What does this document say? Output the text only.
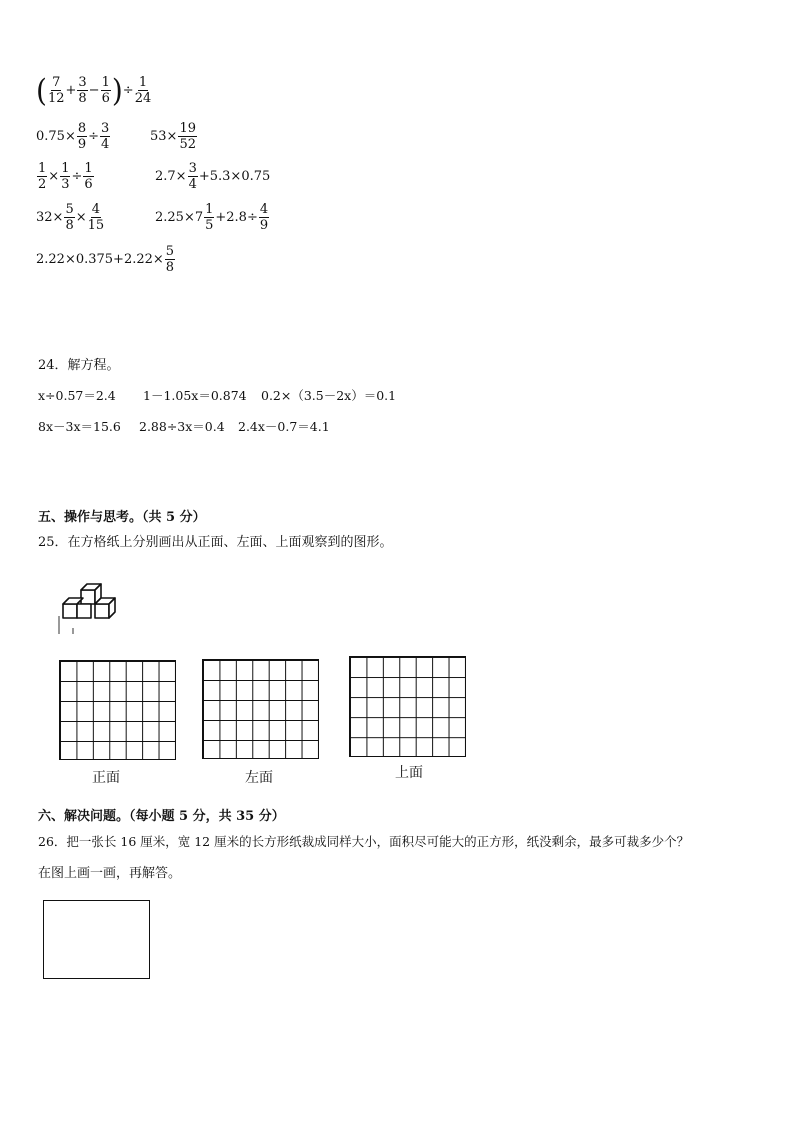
( $\frac{7}{12} + \frac{3}{8} - \frac{1}{6}$ )÷ $\frac{1}{24}$
$0.75\times \frac{8}{9} \div \frac{3}{4}$	$53\times \frac{19}{52}$
$\frac{1}{2} \times \frac{1}{3} \div \frac{1}{6}$	$2.7\times \frac{3}{4} +5.3\times 0.75$
$32\times \frac{5}{8} \times \frac{4}{15}$	$2.25\times 7 \frac{1}{5} +2.8\div \frac{4}{9}$
$2.22\times 0.375+2.22\times \frac{5}{8}$
24．解方程。
x÷0.57＝2.4 1－1.05x＝0.874 0.2×（3.5－2x）＝0.1
8x－3x＝15.6 2.88÷3x＝0.4 2.4x－0.7＝4.1
五、操作与思考。（共 5 分）
25．在方格纸上分别画出从正面、左面、上面观察到的图形。
正面	左面	上面
六、解决问题。（每小题 5 分，共 35 分）
26．把一张长 16 厘米，宽 12 厘米的长方形纸裁成同样大小，面积尽可能大的正方形，纸没剩余，最多可裁多少个？
在图上画一画，再解答。
